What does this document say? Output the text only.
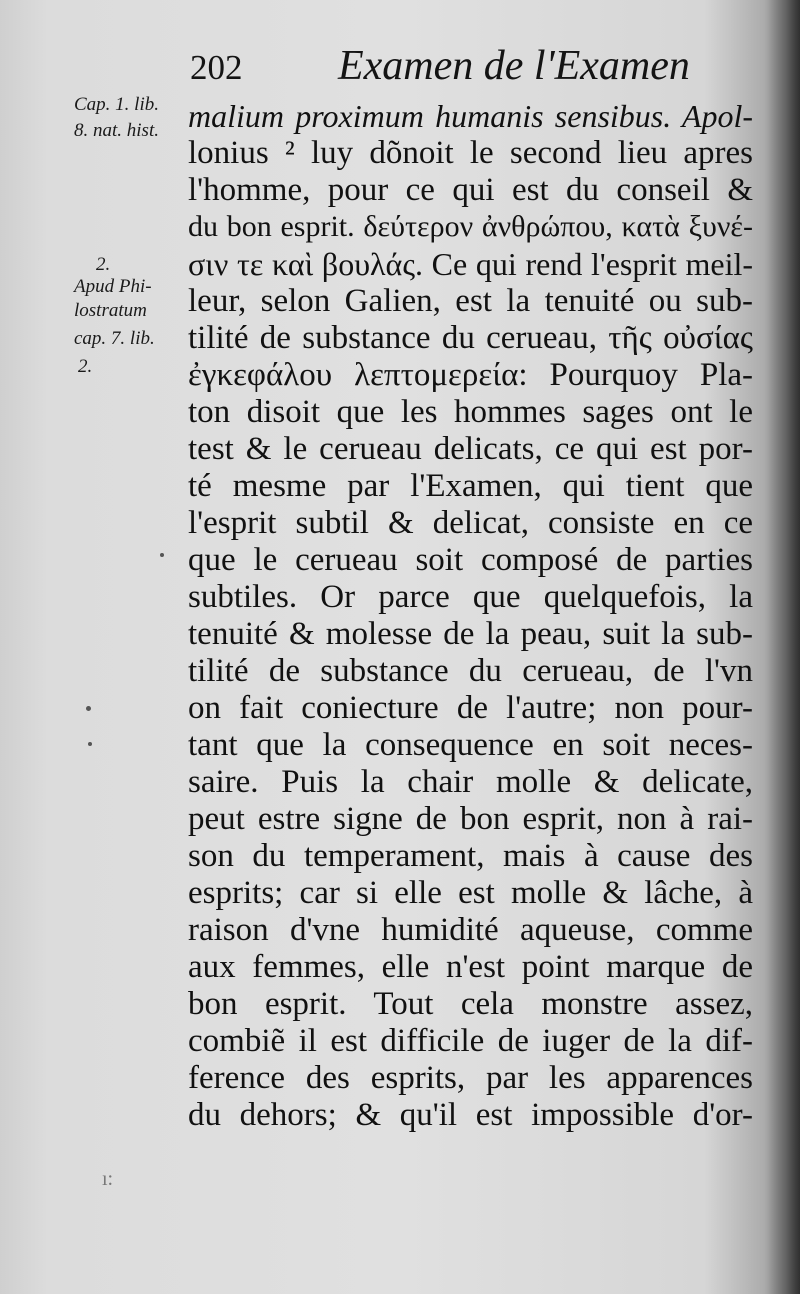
202 Examen de l'Examen
Cap. 1. lib.
8. nat. hist.
2.
Apud Phi-
lostratum
cap. 7. lib.
2.
malium proximum humanis sensibus. Apol-
lonius ² luy dõnoit le second lieu apres
l'homme, pour ce qui est du conseil &
du bon esprit. δεύτερον ἀνθρώπου, κατὰ ξυνέ-
σιν τε καὶ βουλάς. Ce qui rend l'esprit meil-
leur, selon Galien, est la tenuité ou sub-
tilité de substance du cerueau, τῆς οὐσίας
ἐγκεφάλου λεπτομερεία: Pourquoy Pla-
ton disoit que les hommes sages ont le
test & le cerueau delicats, ce qui est por-
té mesme par l'Examen, qui tient que
l'esprit subtil & delicat, consiste en ce
que le cerueau soit composé de parties
subtiles. Or parce que quelquefois, la
tenuité & molesse de la peau, suit la sub-
tilité de substance du cerueau, de l'vn
on fait coniecture de l'autre; non pour-
tant que la consequence en soit neces-
saire. Puis la chair molle & delicate,
peut estre signe de bon esprit, non à rai-
son du temperament, mais à cause des
esprits; car si elle est molle & lâche, à
raison d'vne humidité aqueuse, comme
aux femmes, elle n'est point marque de
bon esprit. Tout cela monstre assez,
combiẽ il est difficile de iuger de la dif-
ference des esprits, par les apparences
du dehors; & qu'il est impossible d'or-
ı:
